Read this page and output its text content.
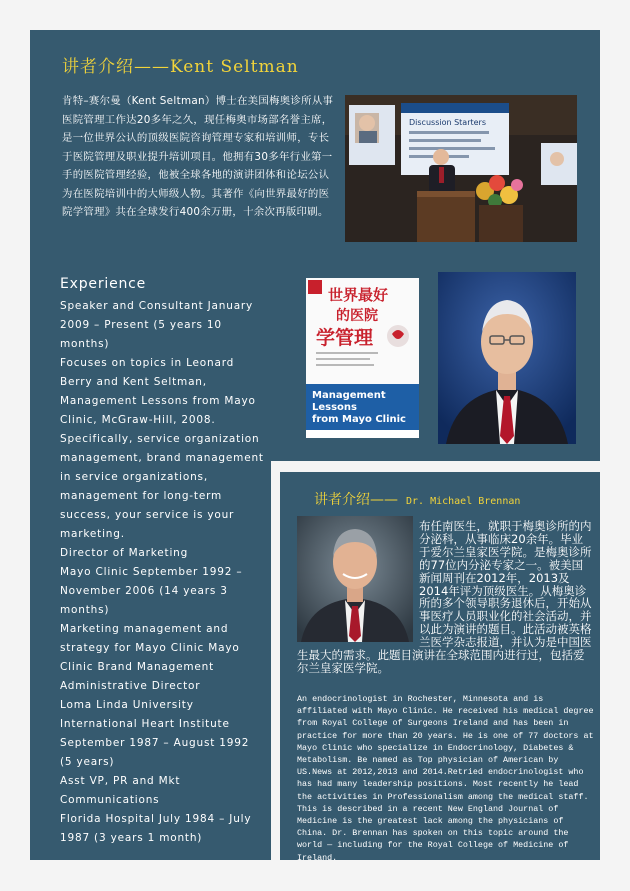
讲者介绍——Kent Seltman

肯特–赛尔曼（Kent Seltman）博士在美国梅奥诊所从事医院管理工作达20多年之久，现任梅奥市场部名誉主席，是一位世界公认的顶级医院咨询管理专家和培训师，专长于医院管理及职业提升培训项目。他拥有30多年行业第一手的医院管理经验，他被全球各地的演讲团体和论坛公认为在医院培训中的大师级人物。其著作《向世界最好的医院学管理》共在全球发行400余万册，十余次再版印刷。

Discussion Starters
Experience
Speaker and Consultant January 2009 – Present (5 years 10 months)
Focuses on topics in Leonard Berry and Kent Seltman, Management Lessons from Mayo Clinic, McGraw-Hill, 2008. Specifically, service organization management, brand management in service organizations, management for long-term success, your service is your marketing.
Director of Marketing
Mayo Clinic September 1992 – November 2006 (14 years 3 months)
Marketing management and strategy for Mayo Clinic Mayo Clinic Brand Management
Administrative Director
Loma Linda University International Heart Institute September 1987 – August 1992 (5 years)
Asst VP, PR and Mkt Communications
Florida Hospital July 1984 – July 1987 (3 years 1 month)
世界最好
的医院
学管理
Management
Lessons
from Mayo Clinic
讲者介绍—— Dr. Michael Brennan
布任南医生，就职于梅奥诊所的内分泌科，从事临床20余年。毕业于爱尔兰皇家医学院。是梅奥诊所的77位内分泌专家之一。被美国新闻周刊在2012年，2013及2014年评为顶级医生。从梅奥诊所的多个领导职务退休后，开始从事医疗人员职业化的社会活动，并以此为演讲的题目。此活动被英格兰医学杂志报道，并认为是中国医生最大的需求。此题目演讲在全球范围内进行过，包括爱尔兰皇家医学院。

An endocrinologist in Rochester, Minnesota and is affiliated with Mayo Clinic. He received his medical degree from Royal College of Surgeons Ireland and has been in practice for more than 20 years. He is one of 77 doctors at Mayo Clinic who specialize in Endocrinology, Diabetes & Metabolism. Be named as Top physician of American by US.News at 2012,2013 and 2014.Retried endocrinologist who has had many leadership positions. Most recently he lead the activities in Professionalism among the medical staff. This is described in a recent New England Journal of Medicine is the greatest lack among the physicians of China. Dr. Brennan has spoken on this topic around the world — including for the Royal College of Medicine of Ireland.
